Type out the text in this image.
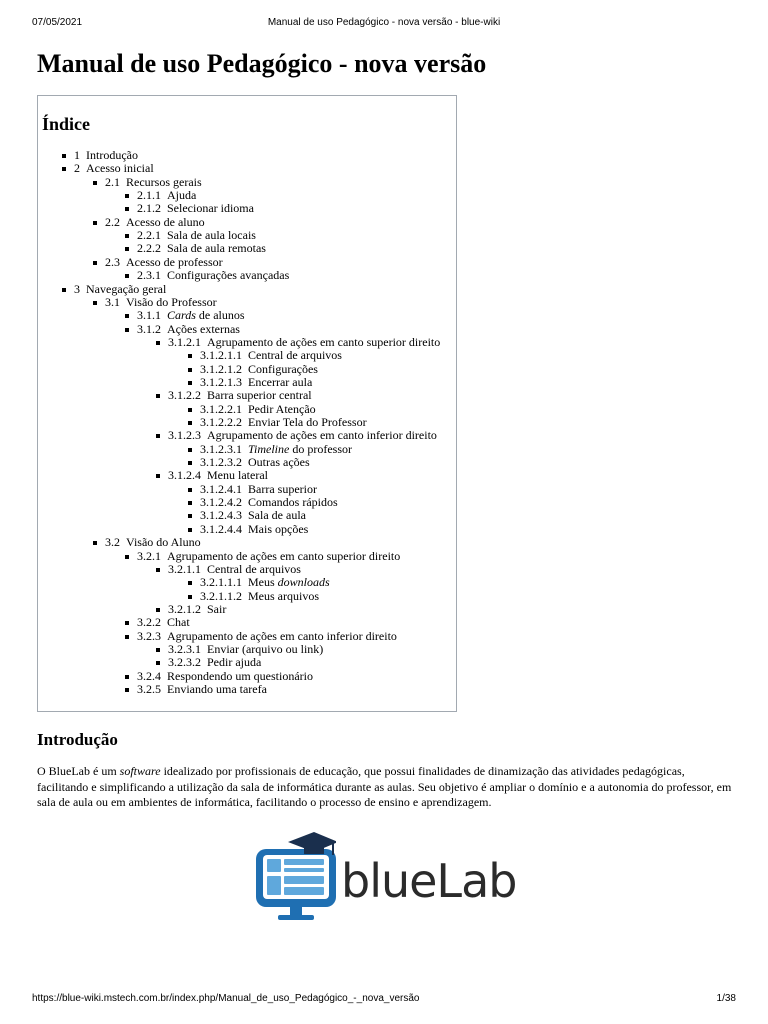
07/05/2021	Manual de uso Pedagógico - nova versão - blue-wiki
Manual de uso Pedagógico - nova versão
Índice
1 Introdução
2 Acesso inicial
2.1 Recursos gerais
2.1.1 Ajuda
2.1.2 Selecionar idioma
2.2 Acesso de aluno
2.2.1 Sala de aula locais
2.2.2 Sala de aula remotas
2.3 Acesso de professor
2.3.1 Configurações avançadas
3 Navegação geral
3.1 Visão do Professor
3.1.1 Cards de alunos
3.1.2 Ações externas
3.1.2.1 Agrupamento de ações em canto superior direito
3.1.2.1.1 Central de arquivos
3.1.2.1.2 Configurações
3.1.2.1.3 Encerrar aula
3.1.2.2 Barra superior central
3.1.2.2.1 Pedir Atenção
3.1.2.2.2 Enviar Tela do Professor
3.1.2.3 Agrupamento de ações em canto inferior direito
3.1.2.3.1 Timeline do professor
3.1.2.3.2 Outras ações
3.1.2.4 Menu lateral
3.1.2.4.1 Barra superior
3.1.2.4.2 Comandos rápidos
3.1.2.4.3 Sala de aula
3.1.2.4.4 Mais opções
3.2 Visão do Aluno
3.2.1 Agrupamento de ações em canto superior direito
3.2.1.1 Central de arquivos
3.2.1.1.1 Meus downloads
3.2.1.1.2 Meus arquivos
3.2.1.2 Sair
3.2.2 Chat
3.2.3 Agrupamento de ações em canto inferior direito
3.2.3.1 Enviar (arquivo ou link)
3.2.3.2 Pedir ajuda
3.2.4 Respondendo um questionário
3.2.5 Enviando uma tarefa
Introdução

O BlueLab é um software idealizado por profissionais de educação, que possui finalidades de dinamização das atividades pedagógicas, facilitando e simplificando a utilização da sala de informática durante as aulas. Seu objetivo é ampliar o domínio e a autonomia do professor, em sala de aula ou em ambientes de informática, facilitando o processo de ensino e aprendizagem.

blueLab
https://blue-wiki.mstech.com.br/index.php/Manual_de_uso_Pedagógico_-_nova_versão	1/38
